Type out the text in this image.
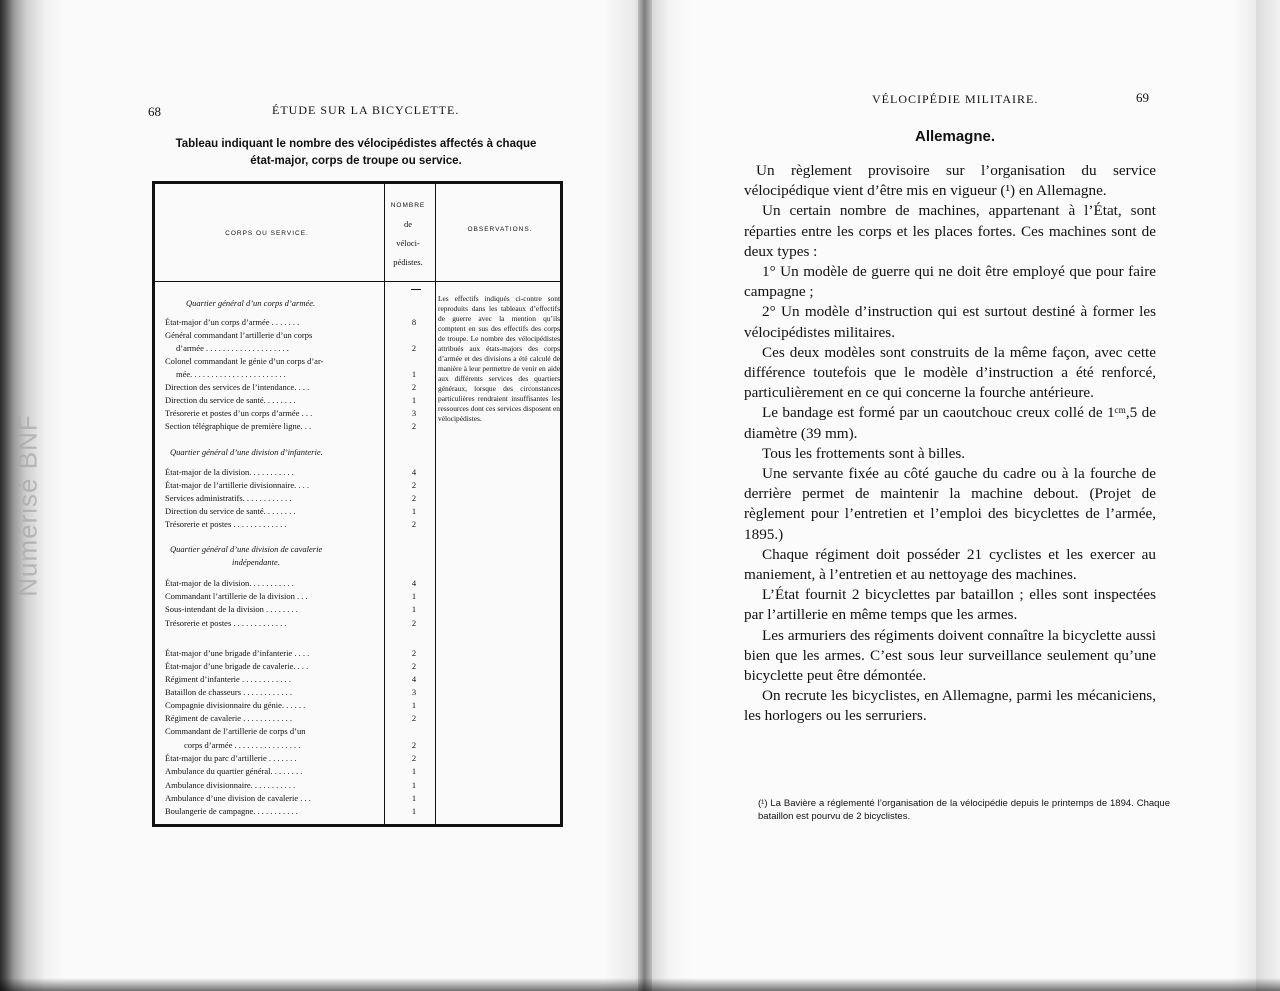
Numérisé BNF
68	ÉTUDE SUR LA BICYCLETTE.
Tableau indiquant le nombre des vélocipédistes affectés à chaque
état-major, corps de troupe ou service.
CORPS OU SERVICE.
NOMBRE
de
véloci-
pédistes.
OBSERVATIONS.
Quartier général d’un corps d’armée.
État-major d’un corps d’armée . . . . . . .
Général commandant l’artillerie d’un corps
d’armée . . . . . . . . . . . . . . . . . . . .
Colonel commandant le génie d’un corps d’ar-
mée. . . . . . . . . . . . . . . . . . . . . . .
Direction des services de l’intendance. . . .
Direction du service de santé. . . . . . . .
Trésorerie et postes d’un corps d’armée . . .
Section télégraphique de première ligne. . .
Quartier général d’une division d’infanterie.
État-major de la division. . . . . . . . . . .
État-major de l’artillerie divisionnaire. . . .
Services administratifs. . . . . . . . . . . .
Direction du service de santé. . . . . . . .
Trésorerie et postes . . . . . . . . . . . . .
Quartier général d’une division de cavalerie
indépendante.
État-major de la division. . . . . . . . . . .
Commandant l’artillerie de la division . . .
Sous-intendant de la division . . . . . . . .
Trésorerie et postes . . . . . . . . . . . . .
État-major d’une brigade d’infanterie . . . .
État-major d’une brigade de cavalerie. . . .
Régiment d’infanterie . . . . . . . . . . . .
Bataillon de chasseurs . . . . . . . . . . . .
Compagnie divisionnaire du génie. . . . . .
Régiment de cavalerie . . . . . . . . . . . .
Commandant de l’artillerie de corps d’un
corps d’armée . . . . . . . . . . . . . . . .
État-major du parc d’artillerie . . . . . . .
Ambulance du quartier général. . . . . . . .
Ambulance divisionnaire. . . . . . . . . . .
Ambulance d’une division de cavalerie . . .
Boulangerie de campagne. . . . . . . . . . .
8
2
1
2
1
3
2
4
2
2
1
2
4
1
1
2
2
2
4
3
1
2
2
2
1
1
1
1
Les effectifs indiqués ci-contre sont reproduits dans les tableaux d’effectifs de guerre avec la mention qu’ils comptent en sus des effectifs des corps de troupe. Le nombre des vélocipédistes attribués aux états-majors des corps d’armée et des divisions a été calculé de manière à leur permettre de venir en aide aux différents services des quartiers généraux, lorsque des circonstances particulières rendraient insuffisantes les ressources dont ces services disposent en vélocipédistes.
VÉLOCIPÉDIE MILITAIRE.	69
Allemagne.

Un règlement provisoire sur l’organisation du service vélocipédique vient d’être mis en vigueur (¹) en Allemagne.

Un certain nombre de machines, appartenant à l’État, sont réparties entre les corps et les places fortes. Ces machines sont de deux types :

1° Un modèle de guerre qui ne doit être employé que pour faire campagne ;

2° Un modèle d’instruction qui est surtout destiné à former les vélocipédistes militaires.

Ces deux modèles sont construits de la même façon, avec cette différence toutefois que le modèle d’instruction a été renforcé, particulièrement en ce qui concerne la fourche antérieure.

Le bandage est formé par un caoutchouc creux collé de 1ᶜᵐ,5 de diamètre (39 mm).

Tous les frottements sont à billes.

Une servante fixée au côté gauche du cadre ou à la fourche de derrière permet de maintenir la machine debout. (Projet de règlement pour l’entretien et l’emploi des bicyclettes de l’armée, 1895.)

Chaque régiment doit posséder 21 cyclistes et les exercer au maniement, à l’entretien et au nettoyage des machines.

L’État fournit 2 bicyclettes par bataillon ; elles sont inspectées par l’artillerie en même temps que les armes.

Les armuriers des régiments doivent connaître la bicyclette aussi bien que les armes. C’est sous leur surveillance seulement qu’une bicyclette peut être démontée.

On recrute les bicyclistes, en Allemagne, parmi les mécaniciens, les horlogers ou les serruriers.

(¹) La Bavière a réglementé l’organisation de la vélocipédie depuis le printemps de 1894. Chaque bataillon est pourvu de 2 bicyclistes.
